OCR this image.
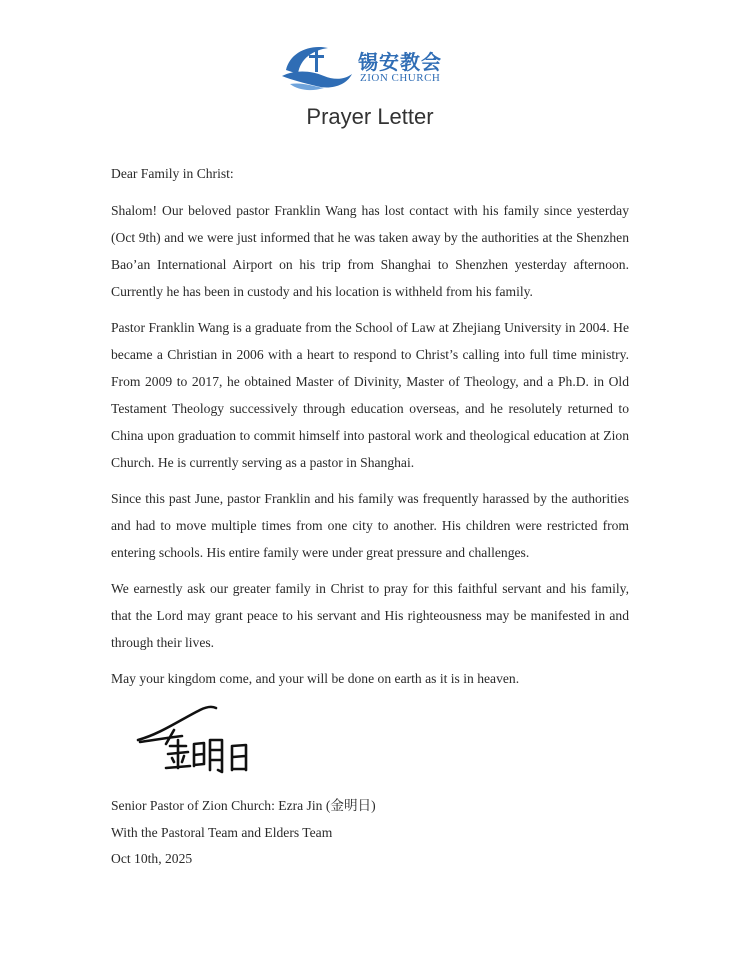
锡安教会
ZION CHURCH
Prayer Letter

Dear Family in Christ:

Shalom! Our beloved pastor Franklin Wang has lost contact with his family since yesterday (Oct 9th) and we were just informed that he was taken away by the authorities at the Shenzhen Bao’an International Airport on his trip from Shanghai to Shenzhen yesterday afternoon. Currently he has been in custody and his location is withheld from his family.

Pastor Franklin Wang is a graduate from the School of Law at Zhejiang University in 2004. He became a Christian in 2006 with a heart to respond to Christ’s calling into full time ministry. From 2009 to 2017, he obtained Master of Divinity, Master of Theology, and a Ph.D. in Old Testament Theology successively through education overseas, and he resolutely returned to China upon graduation to commit himself into pastoral work and theological education at Zion Church. He is currently serving as a pastor in Shanghai.

Since this past June, pastor Franklin and his family was frequently harassed by the authorities and had to move multiple times from one city to another. His children were restricted from entering schools. His entire family were under great pressure and challenges.

We earnestly ask our greater family in Christ to pray for this faithful servant and his family, that the Lord may grant peace to his servant and His righteousness may be manifested in and through their lives.

May your kingdom come, and your will be done on earth as it is in heaven.

Senior Pastor of Zion Church: Ezra Jin (金明日)
With the Pastoral Team and Elders Team
Oct 10th, 2025
